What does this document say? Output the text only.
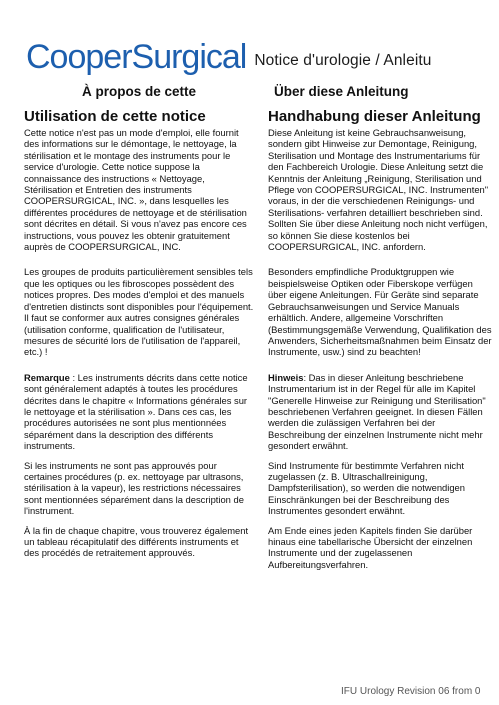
CooperSurgical Notice d'urologie / Anleitu
À propos de cette
Utilisation de cette notice

Cette notice n'est pas un mode d'emploi, elle fournit des informations sur le démontage, le nettoyage, la stérilisation et le montage des instruments pour le service d'urologie. Cette notice suppose la connaissance des instructions « Nettoyage, Stérilisation et Entretien des instruments COOPERSURGICAL, INC. », dans lesquelles les différentes procédures de nettoyage et de stérilisation sont décrites en détail. Si vous n'avez pas encore ces instructions, vous pouvez les obtenir gratuitement auprès de COOPERSURGICAL, INC.

Les groupes de produits particulièrement sensibles tels que les optiques ou les fibroscopes possèdent des notices propres. Des modes d'emploi et des manuels d'entretien distincts sont disponibles pour l'équipement. Il faut se conformer aux autres consignes générales (utilisation conforme, qualification de l'utilisateur, mesures de sécurité lors de l'utilisation de l'appareil, etc.) !

Remarque : Les instruments décrits dans cette notice sont généralement adaptés à toutes les procédures décrites dans le chapitre « Informations générales sur le nettoyage et la stérilisation ». Dans ces cas, les procédures autorisées ne sont plus mentionnées séparément dans la description des différents instruments.

Si les instruments ne sont pas approuvés pour certaines procédures (p. ex. nettoyage par ultrasons, stérilisation à la vapeur), les restrictions nécessaires sont mentionnées séparément dans la description de l'instrument.

À la fin de chaque chapitre, vous trouverez également un tableau récapitulatif des différents instruments et des procédés de retraitement approuvés.

Über diese Anleitung
Handhabung dieser Anleitung

Diese Anleitung ist keine Gebrauchsanweisung, sondern gibt Hinweise zur Demontage, Reinigung, Sterilisation und Montage des Instrumentariums für den Fachbereich Urologie. Diese Anleitung setzt die Kenntnis der Anleitung „Reinigung, Sterilisation und Pflege von COOPERSURGICAL, INC. Instrumenten" voraus, in der die verschiedenen Reinigungs- und Sterilisations- verfahren detailliert beschrieben sind. Sollten Sie über diese Anleitung noch nicht verfügen, so können Sie diese kostenlos bei COOPERSURGICAL, INC. anfordern.

Besonders empfindliche Produktgruppen wie beispielsweise Optiken oder Fiberskope verfügen über eigene Anleitungen. Für Geräte sind separate Gebrauchsanweisungen und Service Manuals erhältlich. Andere, allgemeine Vorschriften (Bestimmungsgemäße Verwendung, Qualifikation des Anwenders, Sicherheitsmaßnahmen beim Einsatz der Instrumente, usw.) sind zu beachten!

Hinweis: Das in dieser Anleitung beschriebene Instrumentarium ist in der Regel für alle im Kapitel "Generelle Hinweise zur Reinigung und Sterilisation" beschriebenen Verfahren geeignet. In diesen Fällen werden die zulässigen Verfahren bei der Beschreibung der einzelnen Instrumente nicht mehr gesondert erwähnt.

Sind Instrumente für bestimmte Verfahren nicht zugelassen (z. B. Ultraschallreinigung, Dampfsterilisation), so werden die notwendigen Einschränkungen bei der Beschreibung des Instrumentes gesondert erwähnt.

Am Ende eines jeden Kapitels finden Sie darüber hinaus eine tabellarische Übersicht der einzelnen Instrumente und der zugelassenen Aufbereitungsverfahren.

IFU Urology Revision 06 from 0
